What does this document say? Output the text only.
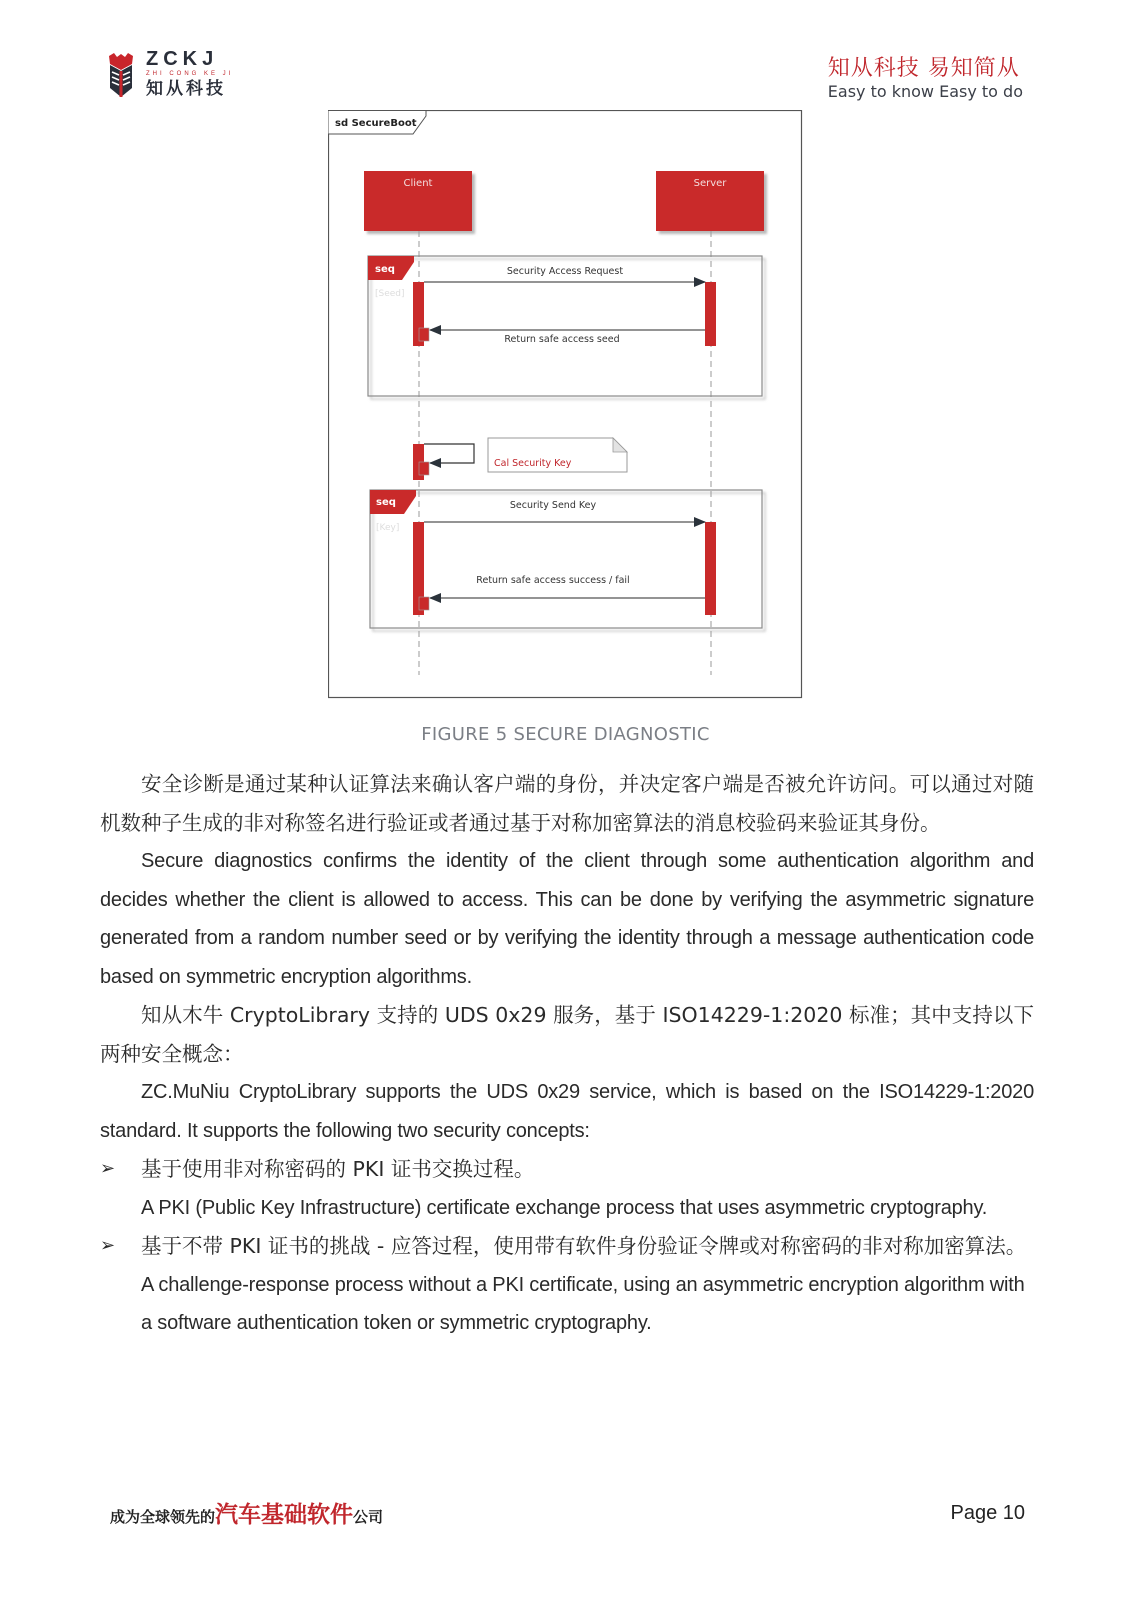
ZCKJ
ZHI CONG KE JI
知从科技
知从科技 易知简从
Easy to know Easy to do
sd SecureBoot
Client	Server
seq
[Seed]
Security Access Request
Return safe access seed
Cal Security Key
seq
[Key]
Security Send Key
Return safe access success / fail
FIGURE 5 SECURE DIAGNOSTIC

安全诊断是通过某种认证算法来确认客户端的身份，并决定客户端是否被允许访问。可以通过对随机数种子生成的非对称签名进行验证或者通过基于对称加密算法的消息校验码来验证其身份。

Secure diagnostics confirms the identity of the client through some authentication algorithm and decides whether the client is allowed to access. This can be done by verifying the asymmetric signature generated from a random number seed or by verifying the identity through a message authentication code based on symmetric encryption algorithms.

知从木牛 CryptoLibrary 支持的 UDS 0x29 服务，基于 ISO14229-1:2020 标准；其中支持以下两种安全概念：

ZC.MuNiu CryptoLibrary supports the UDS 0x29 service, which is based on the ISO14229-1:2020 standard. It supports the following two security concepts:

➢	基于使用非对称密码的 PKI 证书交换过程。
A PKI (Public Key Infrastructure) certificate exchange process that uses asymmetric cryptography.
➢	基于不带 PKI 证书的挑战 - 应答过程，使用带有软件身份验证令牌或对称密码的非对称加密算法。
A challenge-response process without a PKI certificate, using an asymmetric encryption algorithm with a software authentication token or symmetric cryptography.
成为全球领先的汽车基础软件公司	Page 10
